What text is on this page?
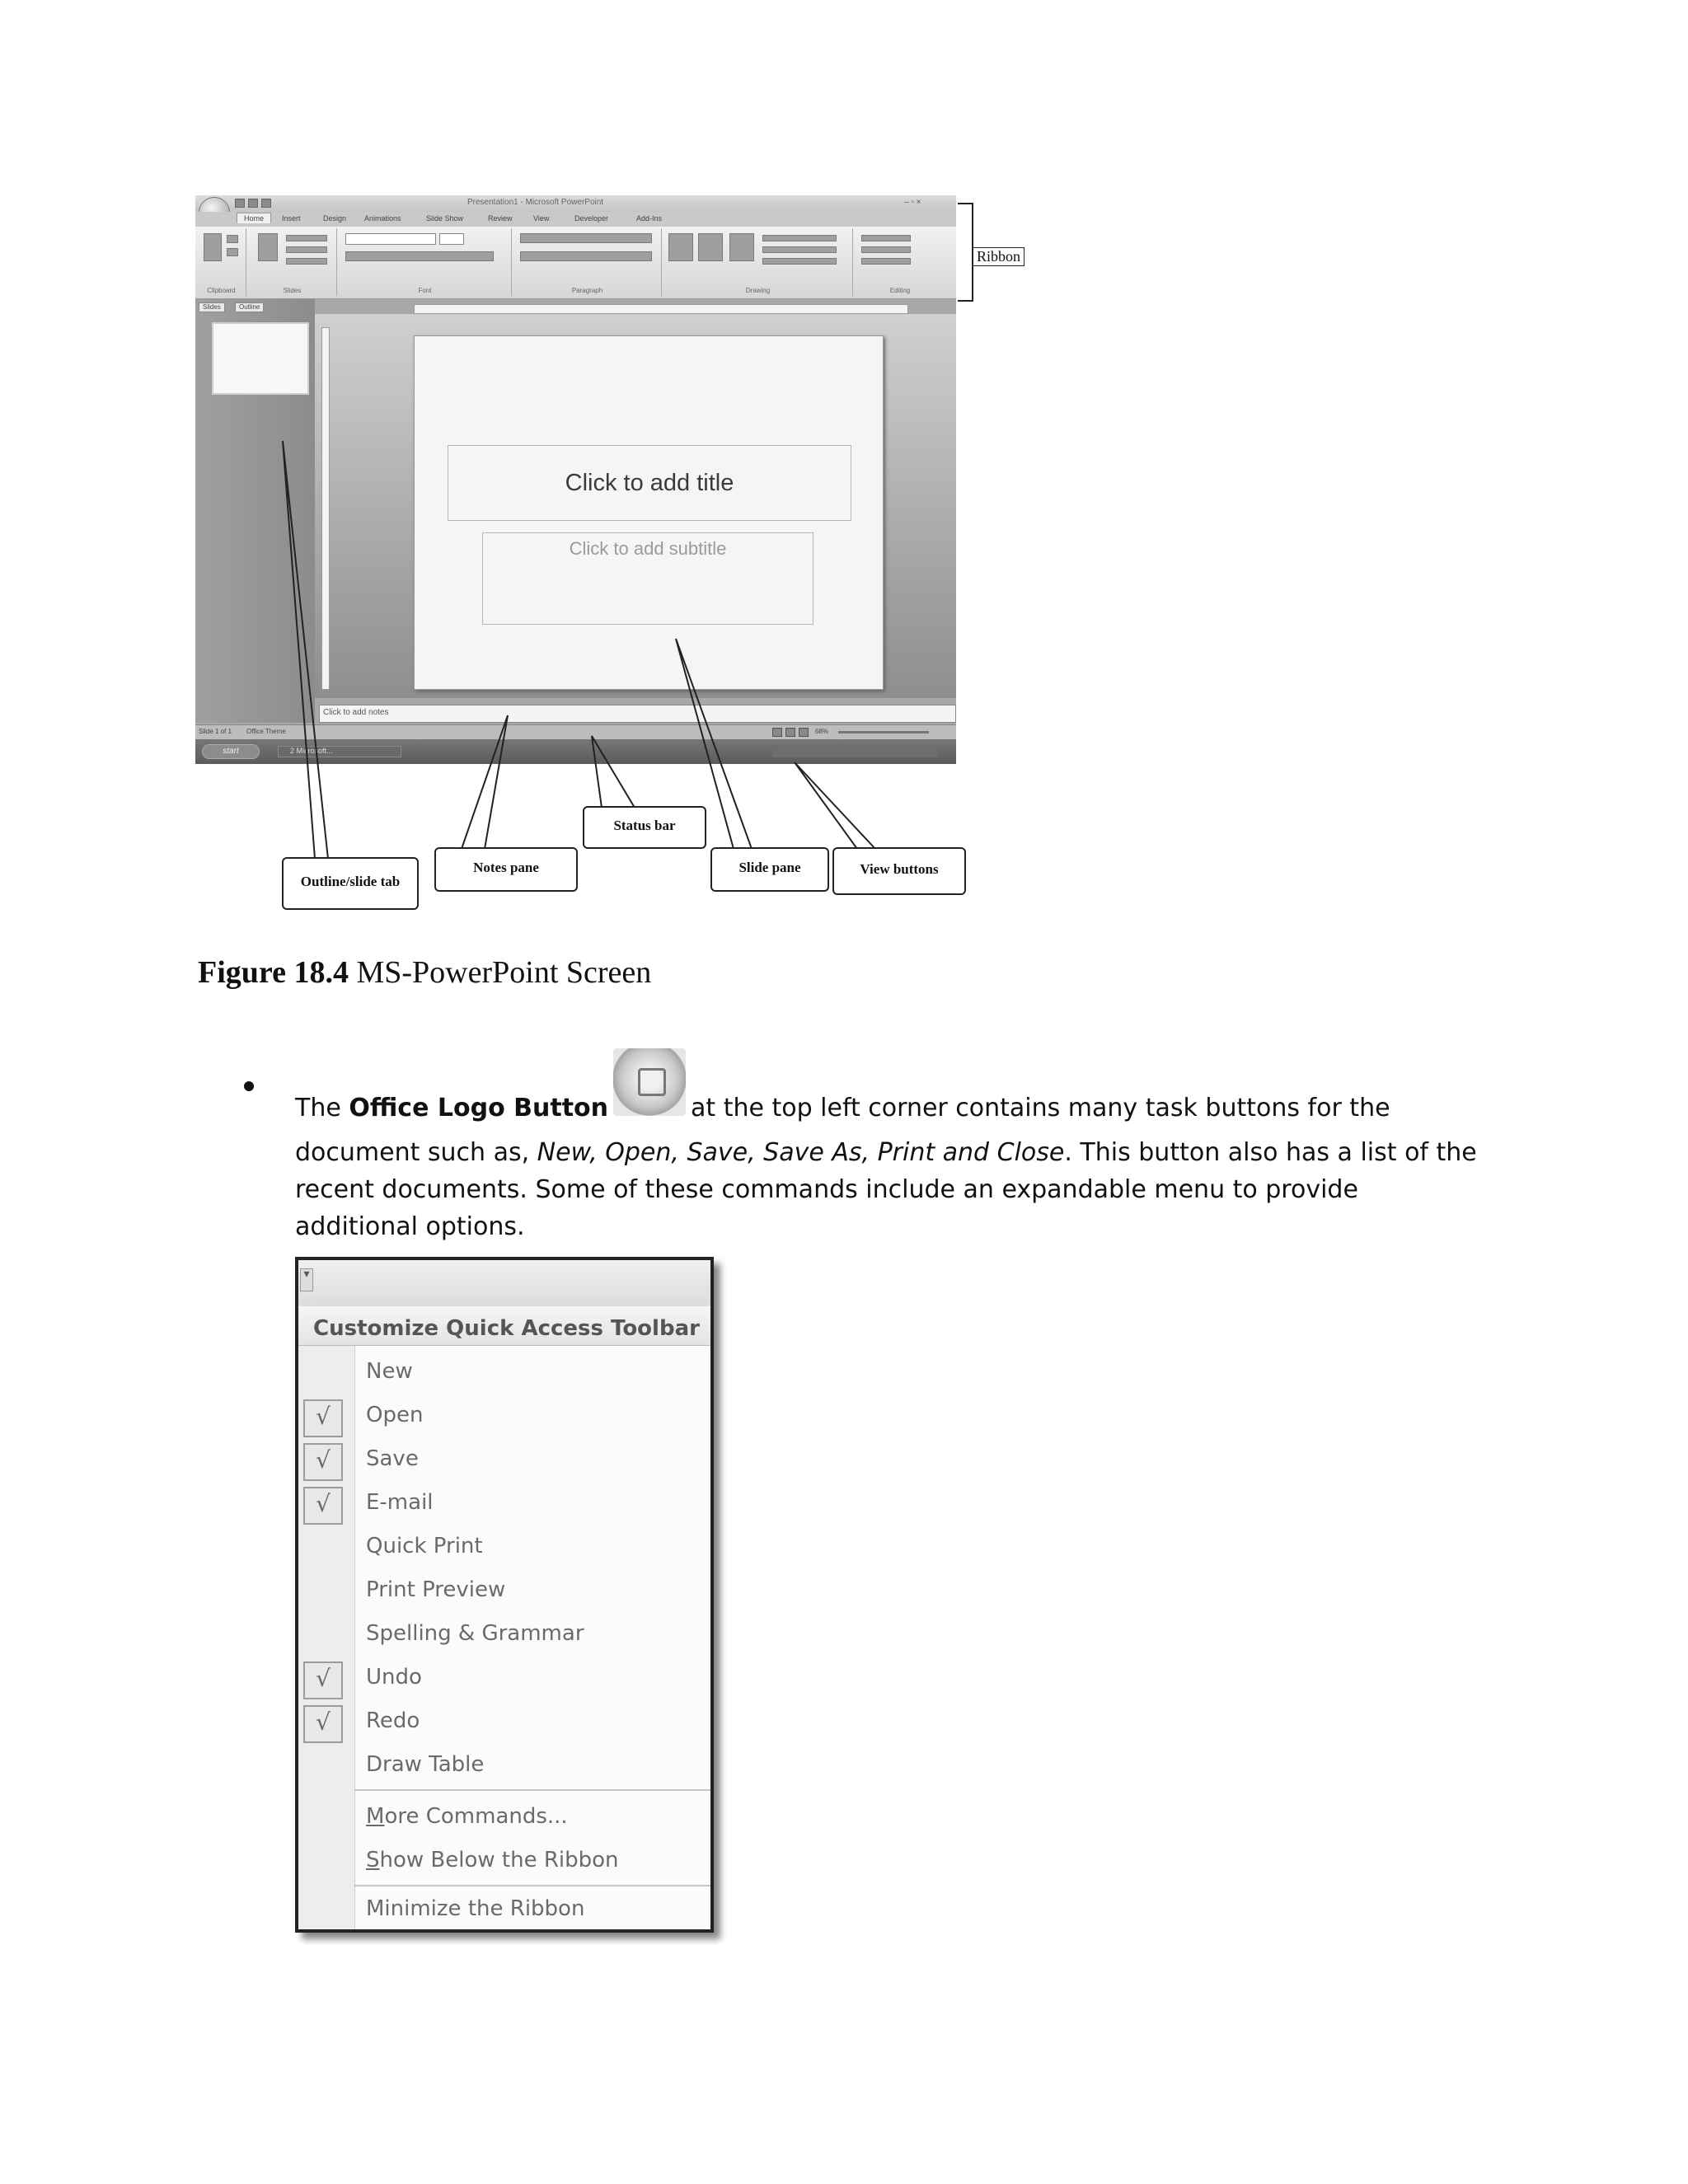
Presentation1 - Microsoft PowerPoint	– ▫ ×
Home	Insert	Design Animations	Slide Show	Review	View	Developer	Add-Ins
Clipboard	Slides	Font	Paragraph	Drawing	Editing
Slides	Outline
Click to add title
Click to add subtitle
Click to add notes
Slide 1 of 1 Office Theme	68%
start	2 Microsoft...
Ribbon
Outline/slide tab
Notes pane
Status bar
Slide pane	View buttons
Figure 18.4 MS-PowerPoint Screen
The Office Logo Button	at the top left corner contains many task buttons for the document such as, New, Open, Save, Save As, Print and Close. This button also has a list of the recent documents. Some of these commands include an expandable menu to provide additional options.
▾
Customize Quick Access Toolbar
New
√	Open
√	Save
√	E-mail
Quick Print
Print Preview
Spelling & Grammar
√	Undo
√	Redo
Draw Table
More Commands...
Show Below the Ribbon
Minimize the Ribbon
